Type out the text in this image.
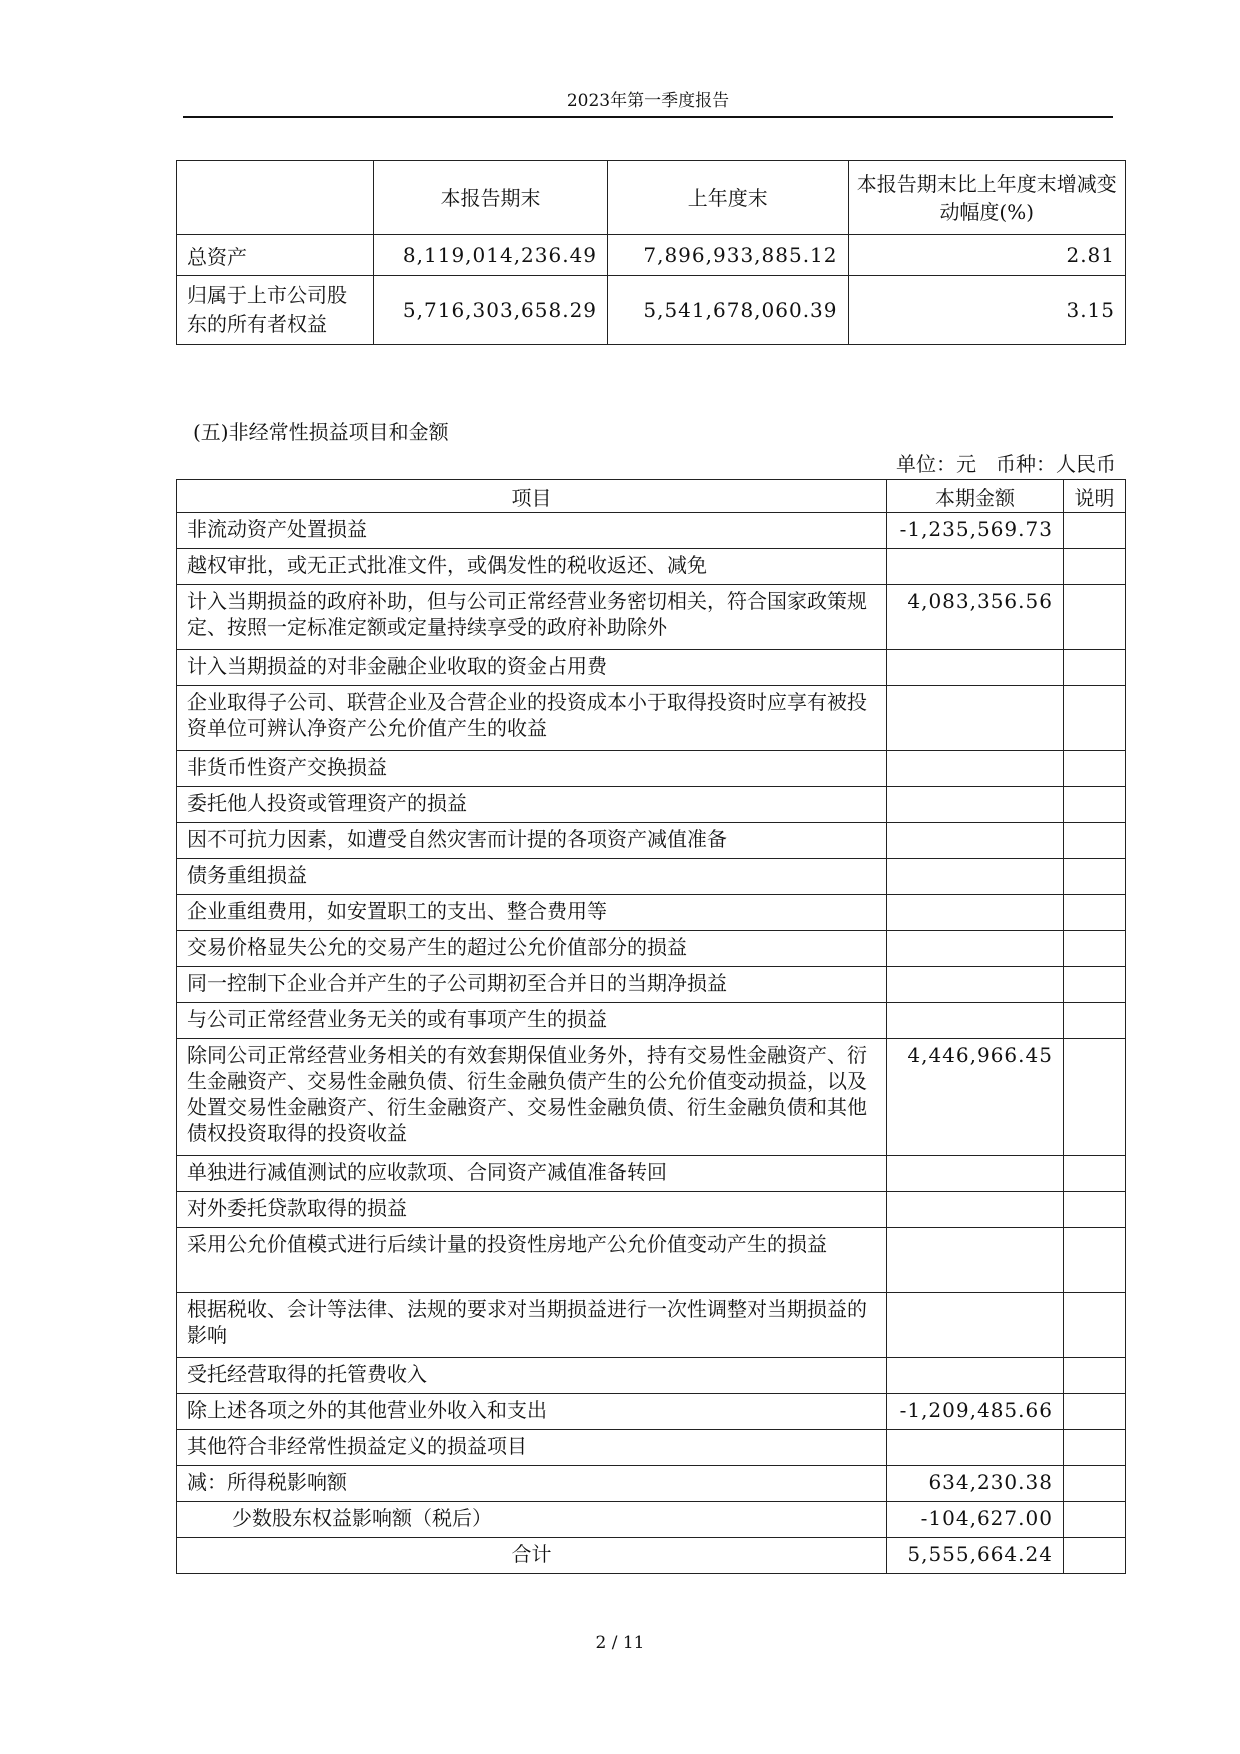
2023年第一季度报告
	本报告期末	上年度末	本报告期末比上年度末增减变动幅度(%)
总资产	8,119,014,236.49	7,896,933,885.12	2.81
归属于上市公司股东的所有者权益	5,716,303,658.29	5,541,678,060.39	3.15
(五)非经常性损益项目和金额
单位：元　币种：人民币
项目	本期金额	说明
非流动资产处置损益	-1,235,569.73	
越权审批，或无正式批准文件，或偶发性的税收返还、减免		
计入当期损益的政府补助，但与公司正常经营业务密切相关，符合国家政策规定、按照一定标准定额或定量持续享受的政府补助除外	4,083,356.56	
计入当期损益的对非金融企业收取的资金占用费		
企业取得子公司、联营企业及合营企业的投资成本小于取得投资时应享有被投资单位可辨认净资产公允价值产生的收益		
非货币性资产交换损益		
委托他人投资或管理资产的损益		
因不可抗力因素，如遭受自然灾害而计提的各项资产减值准备		
债务重组损益		
企业重组费用，如安置职工的支出、整合费用等		
交易价格显失公允的交易产生的超过公允价值部分的损益		
同一控制下企业合并产生的子公司期初至合并日的当期净损益		
与公司正常经营业务无关的或有事项产生的损益		
除同公司正常经营业务相关的有效套期保值业务外，持有交易性金融资产、衍生金融资产、交易性金融负债、衍生金融负债产生的公允价值变动损益，以及处置交易性金融资产、衍生金融资产、交易性金融负债、衍生金融负债和其他债权投资取得的投资收益	4,446,966.45	
单独进行减值测试的应收款项、合同资产减值准备转回		
对外委托贷款取得的损益		
采用公允价值模式进行后续计量的投资性房地产公允价值变动产生的损益		
根据税收、会计等法律、法规的要求对当期损益进行一次性调整对当期损益的影响		
受托经营取得的托管费收入		
除上述各项之外的其他营业外收入和支出	-1,209,485.66	
其他符合非经常性损益定义的损益项目		
减：所得税影响额	634,230.38	
少数股东权益影响额（税后）	-104,627.00	
合计	5,555,664.24	
2 / 11
